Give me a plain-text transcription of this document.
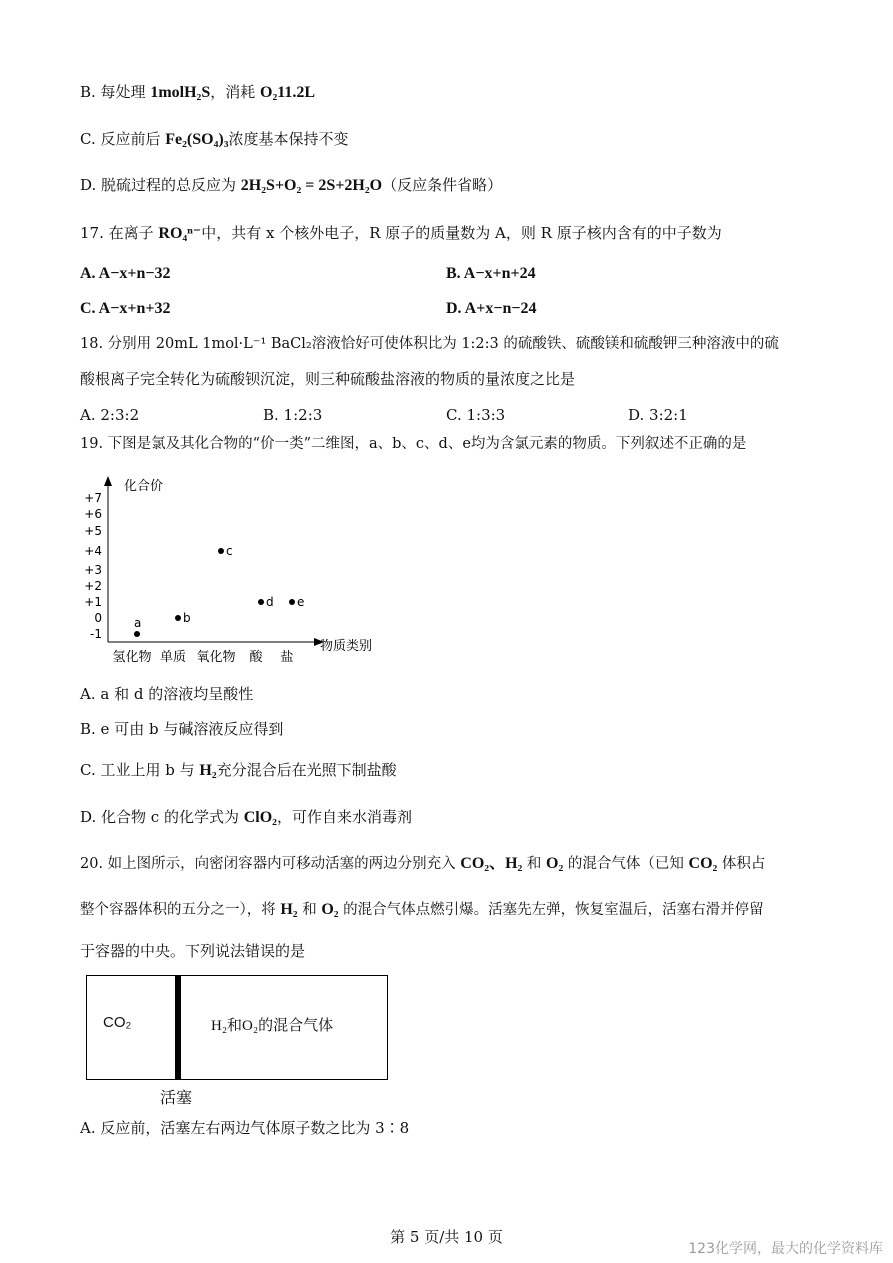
B. 每处理 1molH₂S，消耗 O₂11.2L
C. 反应前后 Fe₂(SO₄)₃浓度基本保持不变
D. 脱硫过程的总反应为 2H₂S+O₂ = 2S+2H₂O（反应条件省略）
17. 在离子 RO₄ⁿ⁻中，共有 x 个核外电子，R 原子的质量数为 A，则 R 原子核内含有的中子数为
A. A−x+n−32	B. A−x+n+24
C. A−x+n+32	D. A+x−n−24
18. 分别用 20mL 1mol·L⁻¹ BaCl₂溶液恰好可使体积比为 1:2:3 的硫酸铁、硫酸镁和硫酸钾三种溶液中的硫
酸根离子完全转化为硫酸钡沉淀，则三种硫酸盐溶液的物质的量浓度之比是
A. 2:3:2	B. 1:2:3	C. 1:3:3	D. 3:2:1
19. 下图是氯及其化合物的“价一类”二维图，a、b、c、d、e均为含氯元素的物质。下列叙述不正确的是
化合价
物质类别
+7
+6
+5
+4
+3
+2
+1
0
-1
氢化物 单质 氧化物 酸 盐
a	b
c
d e
A. a 和 d 的溶液均呈酸性
B. e 可由 b 与碱溶液反应得到
C. 工业上用 b 与 H₂充分混合后在光照下制盐酸
D. 化合物 c 的化学式为 ClO₂，可作自来水消毒剂
20. 如上图所示，向密闭容器内可移动活塞的两边分别充入 CO₂、H₂ 和 O₂ 的混合气体（已知 CO₂ 体积占
整个容器体积的五分之一），将 H₂ 和 O₂ 的混合气体点燃引爆。活塞先左弹，恢复室温后，活塞右滑并停留
于容器的中央。下列说法错误的是
CO₂	H₂和O₂的混合气体
活塞
A. 反应前，活塞左右两边气体原子数之比为 3∶8
第 5 页/共 10 页
123化学网，最大的化学资料库
